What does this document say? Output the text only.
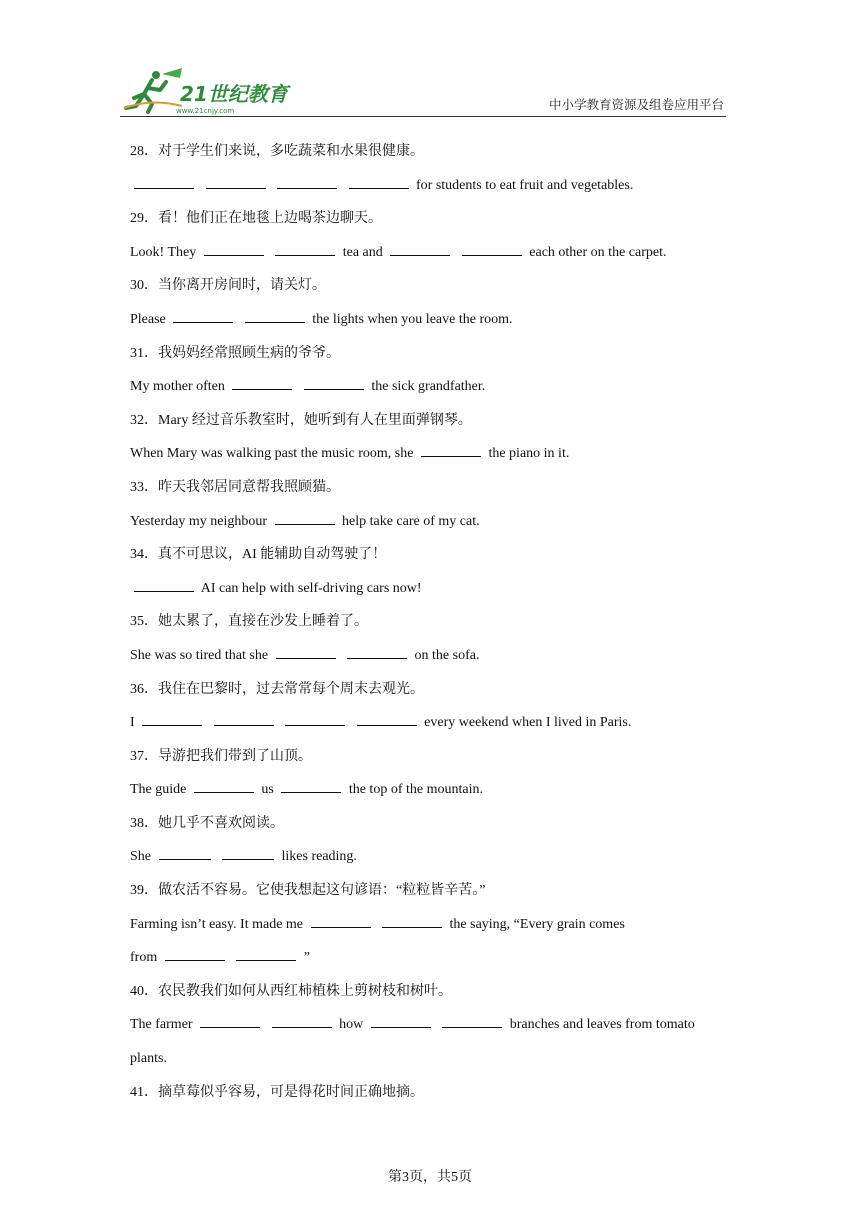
21世纪教育
www.21cnjy.com	中小学教育资源及组卷应用平台
28．对于学生们来说，多吃蔬菜和水果很健康。
for students to eat fruit and vegetables.
29．看！他们正在地毯上边喝茶边聊天。
Look! They	tea and	each other on the carpet.
30．当你离开房间时，请关灯。
Please	the lights when you leave the room.
31．我妈妈经常照顾生病的爷爷。
My mother often	the sick grandfather.
32．Mary 经过音乐教室时，她听到有人在里面弹钢琴。
When Mary was walking past the music room, she	the piano in it.
33．昨天我邻居同意帮我照顾猫。
Yesterday my neighbour	help take care of my cat.
34．真不可思议，AI 能辅助自动驾驶了！
AI can help with self-driving cars now!
35．她太累了，直接在沙发上睡着了。
She was so tired that she	on the sofa.
36．我住在巴黎时，过去常常每个周末去观光。
I	every weekend when I lived in Paris.
37．导游把我们带到了山顶。
The guide	us	the top of the mountain.
38．她几乎不喜欢阅读。
She	likes reading.
39．做农活不容易。它使我想起这句谚语：“粒粒皆辛苦。”
Farming isn’t easy. It made me	the saying, “Every grain comes
from	”
40．农民教我们如何从西红柿植株上剪树枝和树叶。
The farmer	how	branches and leaves from tomato
plants.
41．摘草莓似乎容易，可是得花时间正确地摘。
第3页，共5页
